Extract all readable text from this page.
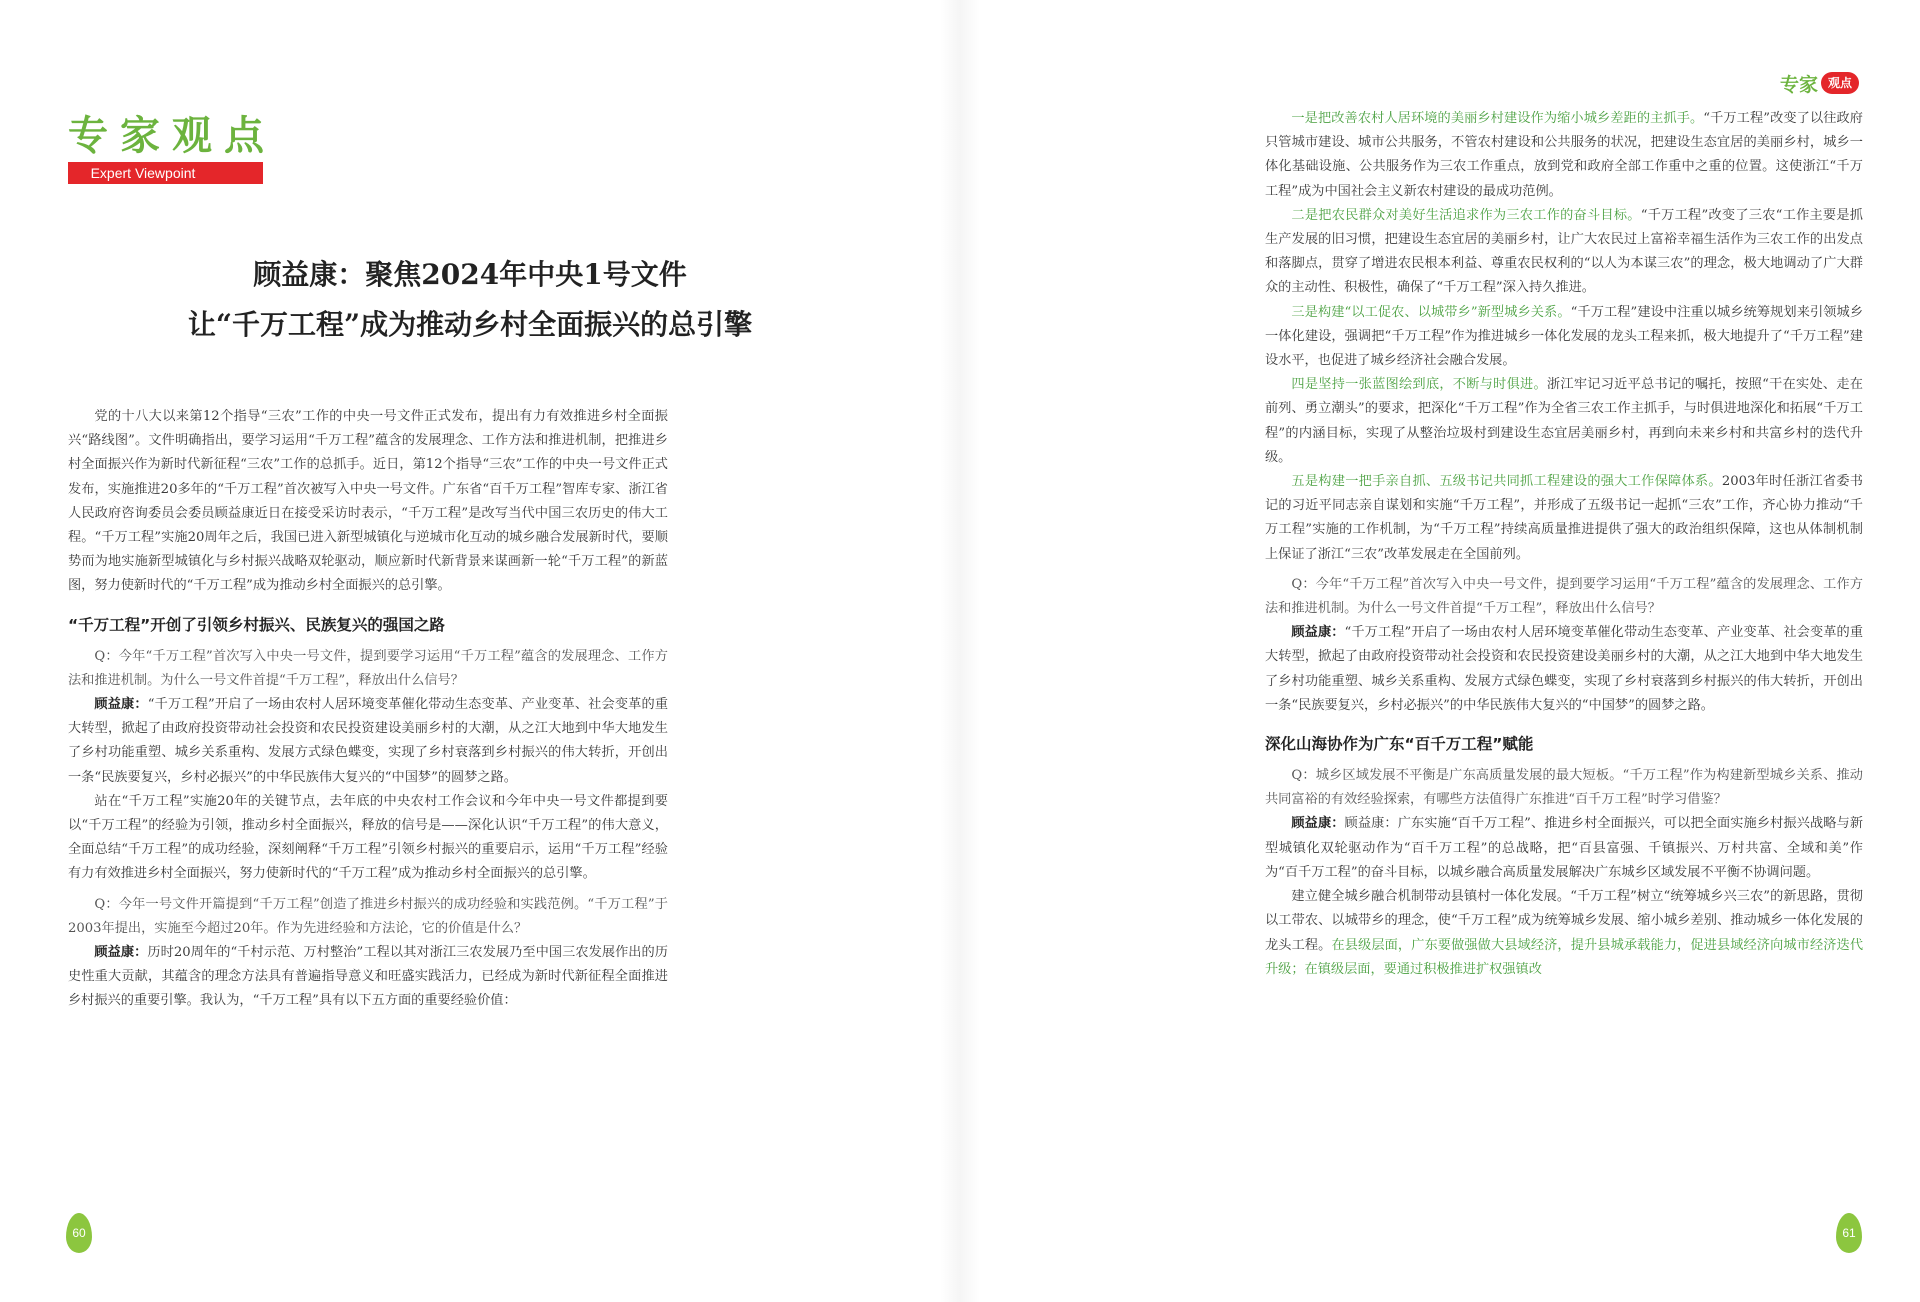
专家观点
Expert Viewpoint
顾益康：聚焦2024年中央1号文件
让“千万工程”成为推动乡村全面振兴的总引擎

党的十八大以来第12个指导“三农”工作的中央一号文件正式发布，提出有力有效推进乡村全面振兴“路线图”。文件明确指出，要学习运用“千万工程”蕴含的发展理念、工作方法和推进机制，把推进乡村全面振兴作为新时代新征程“三农”工作的总抓手。近日，第12个指导“三农”工作的中央一号文件正式发布，实施推进20多年的“千万工程”首次被写入中央一号文件。广东省“百千万工程”智库专家、浙江省人民政府咨询委员会委员顾益康近日在接受采访时表示，“千万工程”是改写当代中国三农历史的伟大工程。“千万工程”实施20周年之后，我国已进入新型城镇化与逆城市化互动的城乡融合发展新时代，要顺势而为地实施新型城镇化与乡村振兴战略双轮驱动，顺应新时代新背景来谋画新一轮“千万工程”的新蓝图，努力使新时代的“千万工程”成为推动乡村全面振兴的总引擎。

“千万工程”开创了引领乡村振兴、民族复兴的强国之路

Q：今年“千万工程”首次写入中央一号文件，提到要学习运用“千万工程”蕴含的发展理念、工作方法和推进机制。为什么一号文件首提“千万工程”，释放出什么信号？

顾益康：“千万工程”开启了一场由农村人居环境变革催化带动生态变革、产业变革、社会变革的重大转型，掀起了由政府投资带动社会投资和农民投资建设美丽乡村的大潮，从之江大地到中华大地发生了乡村功能重塑、城乡关系重构、发展方式绿色蝶变，实现了乡村衰落到乡村振兴的伟大转折，开创出一条“民族要复兴，乡村必振兴”的中华民族伟大复兴的“中国梦”的圆梦之路。

站在“千万工程”实施20年的关键节点，去年底的中央农村工作会议和今年中央一号文件都提到要以“千万工程”的经验为引领，推动乡村全面振兴，释放的信号是——深化认识“千万工程”的伟大意义，全面总结“千万工程”的成功经验，深刻阐释“千万工程”引领乡村振兴的重要启示，运用“千万工程”经验有力有效推进乡村全面振兴，努力使新时代的“千万工程”成为推动乡村全面振兴的总引擎。

Q：今年一号文件开篇提到“千万工程”创造了推进乡村振兴的成功经验和实践范例。“千万工程”于2003年提出，实施至今超过20年。作为先进经验和方法论，它的价值是什么？

顾益康：历时20周年的“千村示范、万村整治”工程以其对浙江三农发展乃至中国三农发展作出的历史性重大贡献，其蕴含的理念方法具有普遍指导意义和旺盛实践活力，已经成为新时代新征程全面推进乡村振兴的重要引擎。我认为，“千万工程”具有以下五方面的重要经验价值：

60
专家 观点

一是把改善农村人居环境的美丽乡村建设作为缩小城乡差距的主抓手。“千万工程”改变了以往政府只管城市建设、城市公共服务，不管农村建设和公共服务的状况，把建设生态宜居的美丽乡村，城乡一体化基础设施、公共服务作为三农工作重点，放到党和政府全部工作重中之重的位置。这使浙江“千万工程”成为中国社会主义新农村建设的最成功范例。

二是把农民群众对美好生活追求作为三农工作的奋斗目标。“千万工程”改变了三农“工作主要是抓生产发展的旧习惯，把建设生态宜居的美丽乡村，让广大农民过上富裕幸福生活作为三农工作的出发点和落脚点，贯穿了增进农民根本利益、尊重农民权利的“以人为本谋三农”的理念，极大地调动了广大群众的主动性、积极性，确保了“千万工程”深入持久推进。

三是构建“以工促农、以城带乡”新型城乡关系。“千万工程”建设中注重以城乡统筹规划来引领城乡一体化建设，强调把“千万工程”作为推进城乡一体化发展的龙头工程来抓，极大地提升了“千万工程”建设水平，也促进了城乡经济社会融合发展。

四是坚持一张蓝图绘到底，不断与时俱进。浙江牢记习近平总书记的嘱托，按照“干在实处、走在前列、勇立潮头”的要求，把深化“千万工程”作为全省三农工作主抓手，与时俱进地深化和拓展“千万工程”的内涵目标，实现了从整治垃圾村到建设生态宜居美丽乡村，再到向未来乡村和共富乡村的迭代升级。

五是构建一把手亲自抓、五级书记共同抓工程建设的强大工作保障体系。2003年时任浙江省委书记的习近平同志亲自谋划和实施“千万工程”，并形成了五级书记一起抓“三农”工作，齐心协力推动“千万工程”实施的工作机制，为“千万工程”持续高质量推进提供了强大的政治组织保障，这也从体制机制上保证了浙江“三农”改革发展走在全国前列。

Q：今年“千万工程”首次写入中央一号文件，提到要学习运用“千万工程”蕴含的发展理念、工作方法和推进机制。为什么一号文件首提“千万工程”，释放出什么信号？

顾益康：“千万工程”开启了一场由农村人居环境变革催化带动生态变革、产业变革、社会变革的重大转型，掀起了由政府投资带动社会投资和农民投资建设美丽乡村的大潮，从之江大地到中华大地发生了乡村功能重塑、城乡关系重构、发展方式绿色蝶变，实现了乡村衰落到乡村振兴的伟大转折，开创出一条“民族要复兴，乡村必振兴”的中华民族伟大复兴的“中国梦”的圆梦之路。

深化山海协作为广东“百千万工程”赋能

Q：城乡区域发展不平衡是广东高质量发展的最大短板。“千万工程”作为构建新型城乡关系、推动共同富裕的有效经验探索，有哪些方法值得广东推进“百千万工程”时学习借鉴？

顾益康：顾益康：广东实施“百千万工程”、推进乡村全面振兴，可以把全面实施乡村振兴战略与新型城镇化双轮驱动作为“百千万工程”的总战略，把“百县富强、千镇振兴、万村共富、全域和美”作为“百千万工程”的奋斗目标，以城乡融合高质量发展解决广东城乡区域发展不平衡不协调问题。

建立健全城乡融合机制带动县镇村一体化发展。“千万工程”树立“统筹城乡兴三农”的新思路，贯彻以工带农、以城带乡的理念，使“千万工程”成为统筹城乡发展、缩小城乡差别、推动城乡一体化发展的龙头工程。在县级层面，广东要做强做大县域经济，提升县城承载能力，促进县域经济向城市经济迭代升级；在镇级层面，要通过积极推进扩权强镇改

61
